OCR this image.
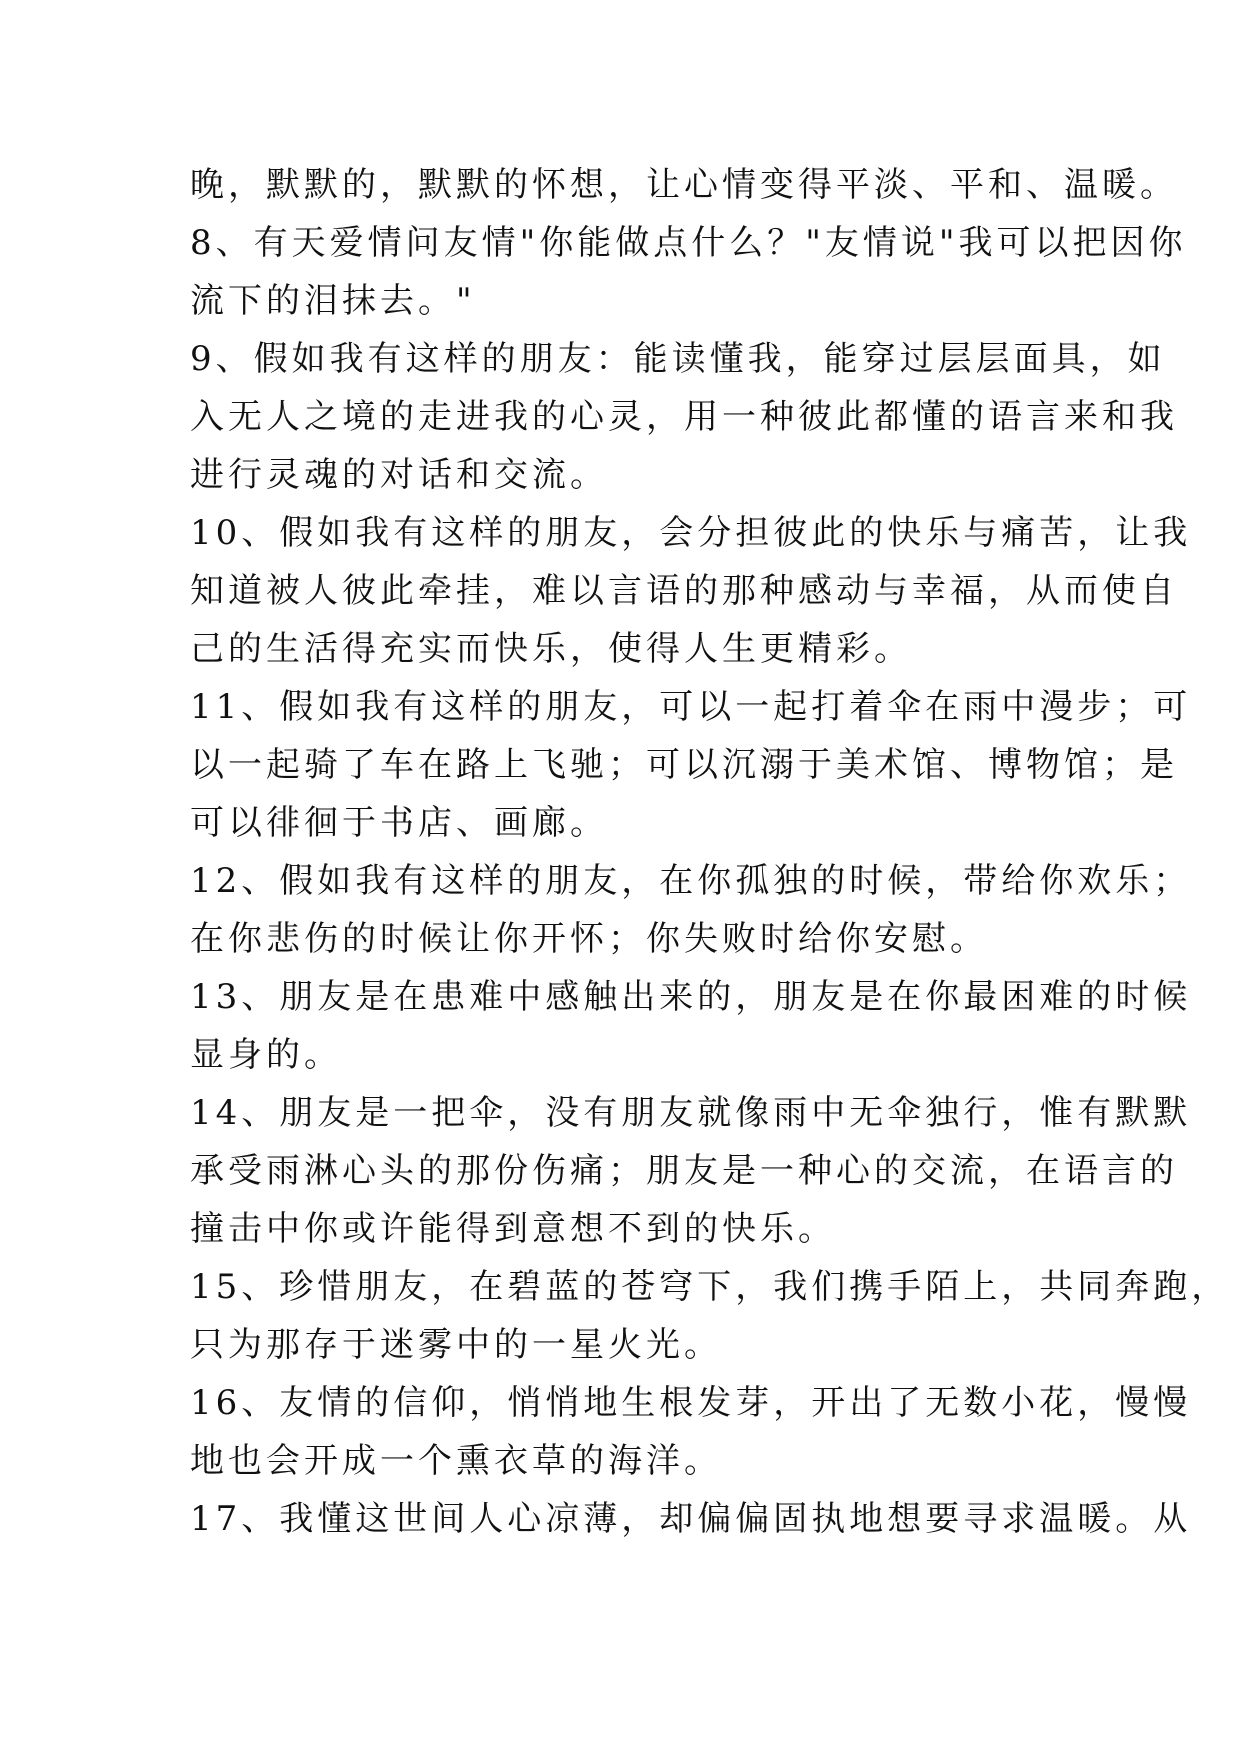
晚，默默的，默默的怀想，让心情变得平淡、平和、温暖。

8、有天爱情问友情"你能做点什么？"友情说"我可以把因你

流下的泪抹去。"

9、假如我有这样的朋友：能读懂我，能穿过层层面具，如

入无人之境的走进我的心灵，用一种彼此都懂的语言来和我

进行灵魂的对话和交流。

10、假如我有这样的朋友，会分担彼此的快乐与痛苦，让我

知道被人彼此牵挂，难以言语的那种感动与幸福，从而使自

己的生活得充实而快乐，使得人生更精彩。

11、假如我有这样的朋友，可以一起打着伞在雨中漫步；可

以一起骑了车在路上飞驰；可以沉溺于美术馆、博物馆；是

可以徘徊于书店、画廊。

12、假如我有这样的朋友，在你孤独的时候，带给你欢乐；

在你悲伤的时候让你开怀；你失败时给你安慰。

13、朋友是在患难中感触出来的，朋友是在你最困难的时候

显身的。

14、朋友是一把伞，没有朋友就像雨中无伞独行，惟有默默

承受雨淋心头的那份伤痛；朋友是一种心的交流，在语言的

撞击中你或许能得到意想不到的快乐。

15、珍惜朋友，在碧蓝的苍穹下，我们携手陌上，共同奔跑，

只为那存于迷雾中的一星火光。

16、友情的信仰，悄悄地生根发芽，开出了无数小花，慢慢

地也会开成一个熏衣草的海洋。

17、我懂这世间人心凉薄，却偏偏固执地想要寻求温暖。从
